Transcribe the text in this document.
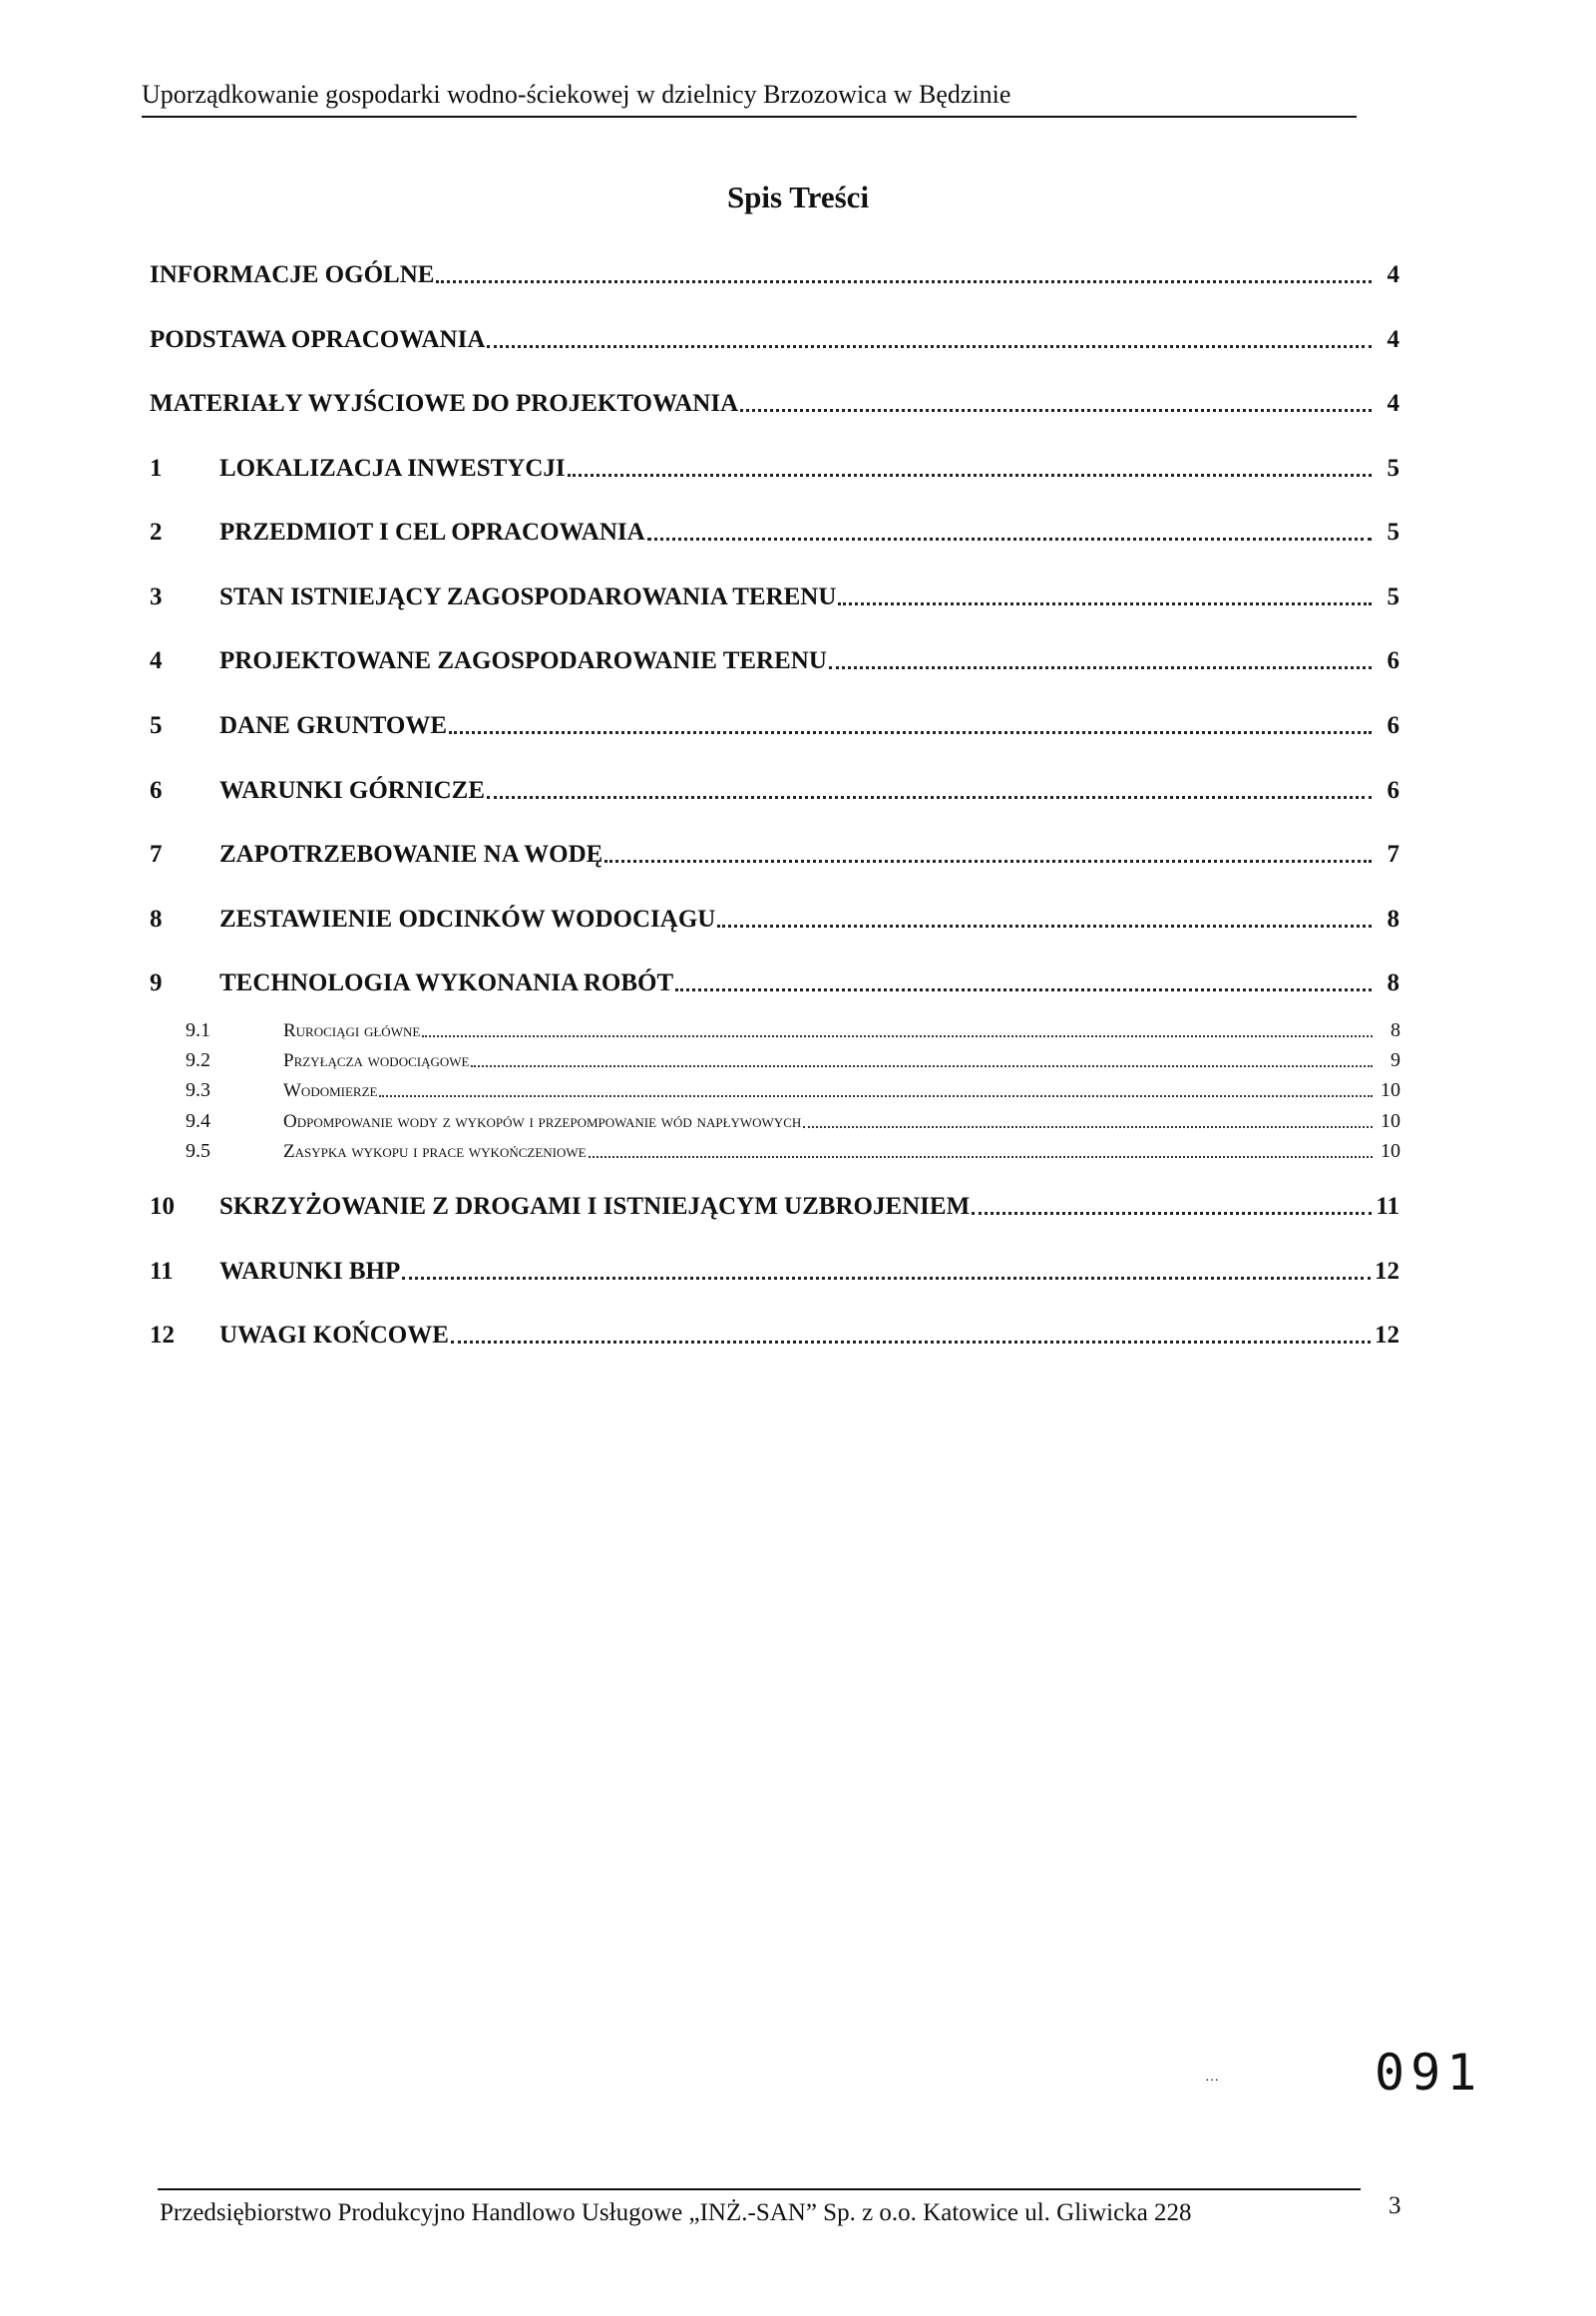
Uporządkowanie gospodarki wodno-ściekowej w dzielnicy Brzozowica w Będzinie
Spis Treści
INFORMACJE OGÓLNE	4
PODSTAWA OPRACOWANIA	4
MATERIAŁY WYJŚCIOWE DO PROJEKTOWANIA	4
1	LOKALIZACJA INWESTYCJI	5
2	PRZEDMIOT I CEL OPRACOWANIA	5
3	STAN ISTNIEJĄCY ZAGOSPODAROWANIA TERENU	5
4	PROJEKTOWANE ZAGOSPODAROWANIE TERENU	6
5	DANE GRUNTOWE	6
6	WARUNKI GÓRNICZE	6
7	ZAPOTRZEBOWANIE NA WODĘ	7
8	ZESTAWIENIE ODCINKÓW WODOCIĄGU	8
9	TECHNOLOGIA WYKONANIA ROBÓT	8
9.1	Rurociągi główne	8
9.2	Przyłącza wodociągowe	9
9.3	Wodomierze	10
9.4	Odpompowanie wody z wykopów i przepompowanie wód napływowych	10
9.5	Zasypka wykopu i prace wykończeniowe	10
10	SKRZYŻOWANIE Z DROGAMI I ISTNIEJĄCYM UZBROJENIEM	11
11	WARUNKI BHP	12
12	UWAGI KOŃCOWE	12
…	091
Przedsiębiorstwo Produkcyjno Handlowo Usługowe „INŻ.-SAN” Sp. z o.o. Katowice ul. Gliwicka 228	3
